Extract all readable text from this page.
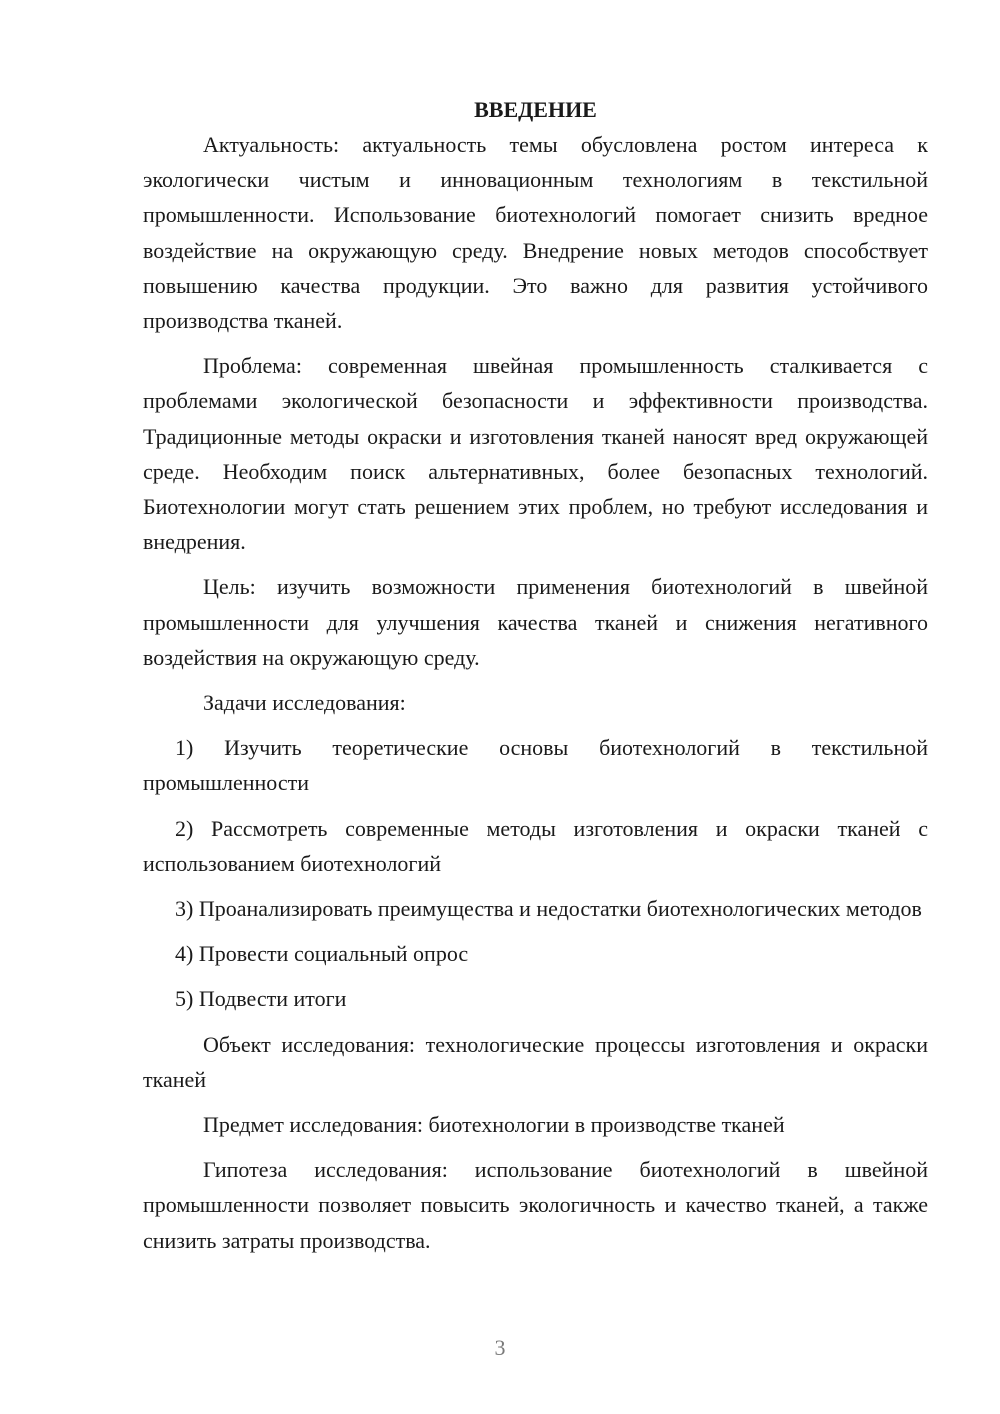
ВВЕДЕНИЕ

Актуальность: актуальность темы обусловлена ростом интереса к экологически чистым и инновационным технологиям в текстильной промышленности. Использование биотехнологий помогает снизить вредное воздействие на окружающую среду. Внедрение новых методов способствует повышению качества продукции. Это важно для развития устойчивого производства тканей.

Проблема: современная швейная промышленность сталкивается с проблемами экологической безопасности и эффективности производства. Традиционные методы окраски и изготовления тканей наносят вред окружающей среде. Необходим поиск альтернативных, более безопасных технологий. Биотехнологии могут стать решением этих проблем, но требуют исследования и внедрения.

Цель: изучить возможности применения биотехнологий в швейной промышленности для улучшения качества тканей и снижения негативного воздействия на окружающую среду.

Задачи исследования:

1) Изучить теоретические основы биотехнологий в текстильной промышленности

2) Рассмотреть современные методы изготовления и окраски тканей с использованием биотехнологий

3) Проанализировать преимущества и недостатки биотехнологических методов

4) Провести социальный опрос

5) Подвести итоги

Объект исследования: технологические процессы изготовления и окраски тканей

Предмет исследования: биотехнологии в производстве тканей

Гипотеза исследования: использование биотехнологий в швейной промышленности позволяет повысить экологичность и качество тканей, а также снизить затраты производства.

3
